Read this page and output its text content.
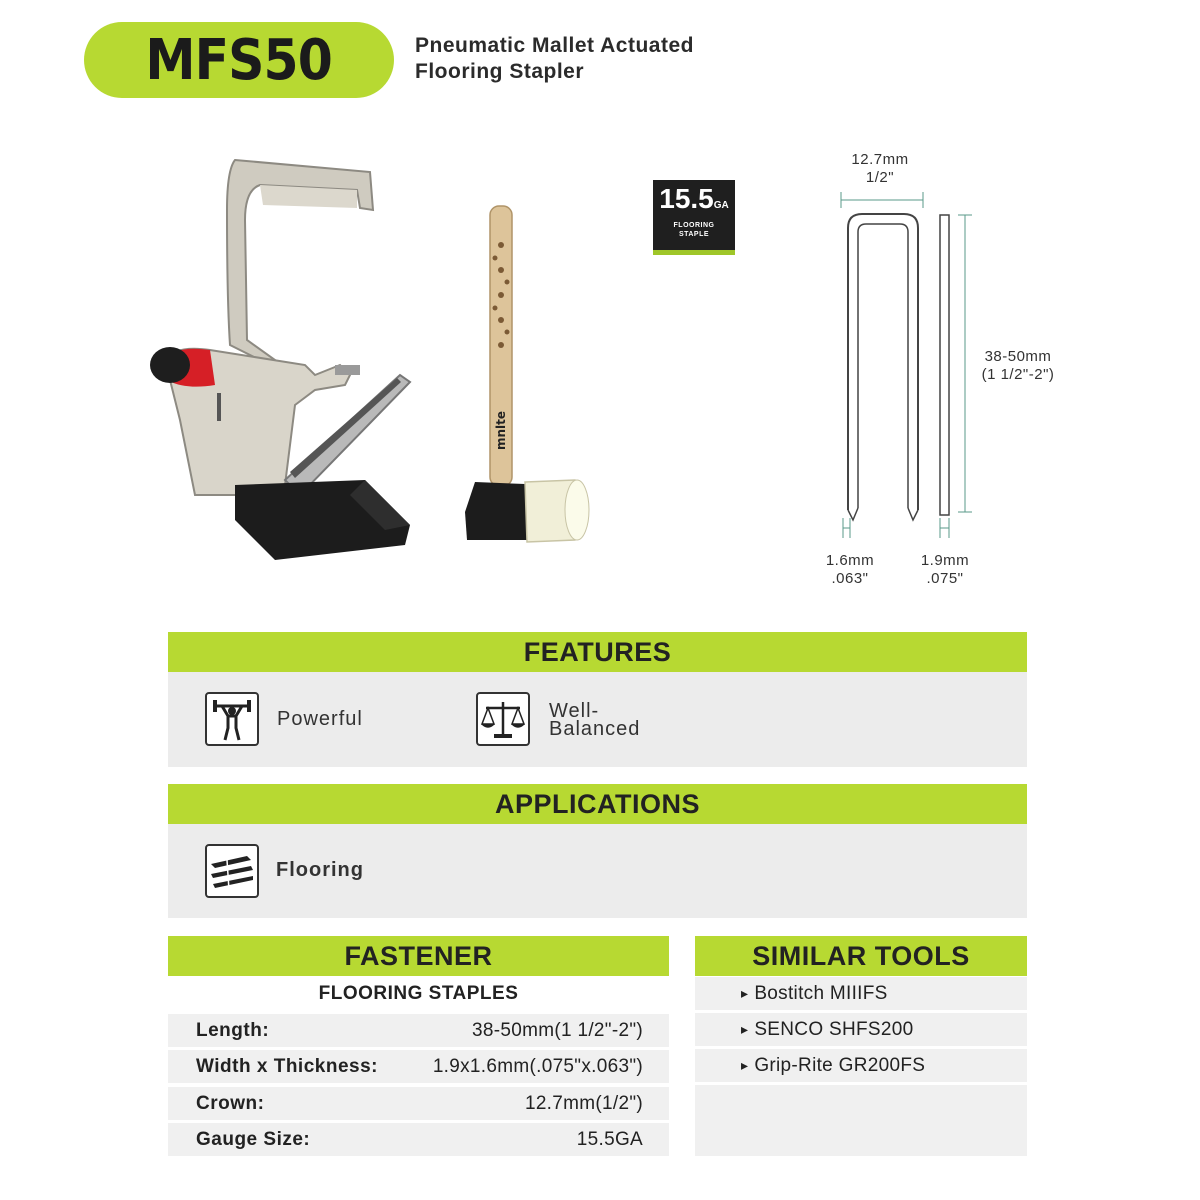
MFS50	Pneumatic Mallet Actuated
Flooring Stapler
mnlte
15.5GA
FLOORING
STAPLE
12.7mm
1/2"
38-50mm
(1 1/2"-2")
1.6mm
.063"
1.9mm
.075"
FEATURES
Powerful	Well-
Balanced
APPLICATIONS
Flooring
FASTENER
FLOORING STAPLES
Length:	38-50mm(1 1/2"-2")
Width x Thickness:	1.9x1.6mm(.075"x.063")
Crown:	12.7mm(1/2")
Gauge Size:	15.5GA
SIMILAR TOOLS
▸ Bostitch MIIIFS
▸ SENCO SHFS200
▸ Grip-Rite GR200FS
